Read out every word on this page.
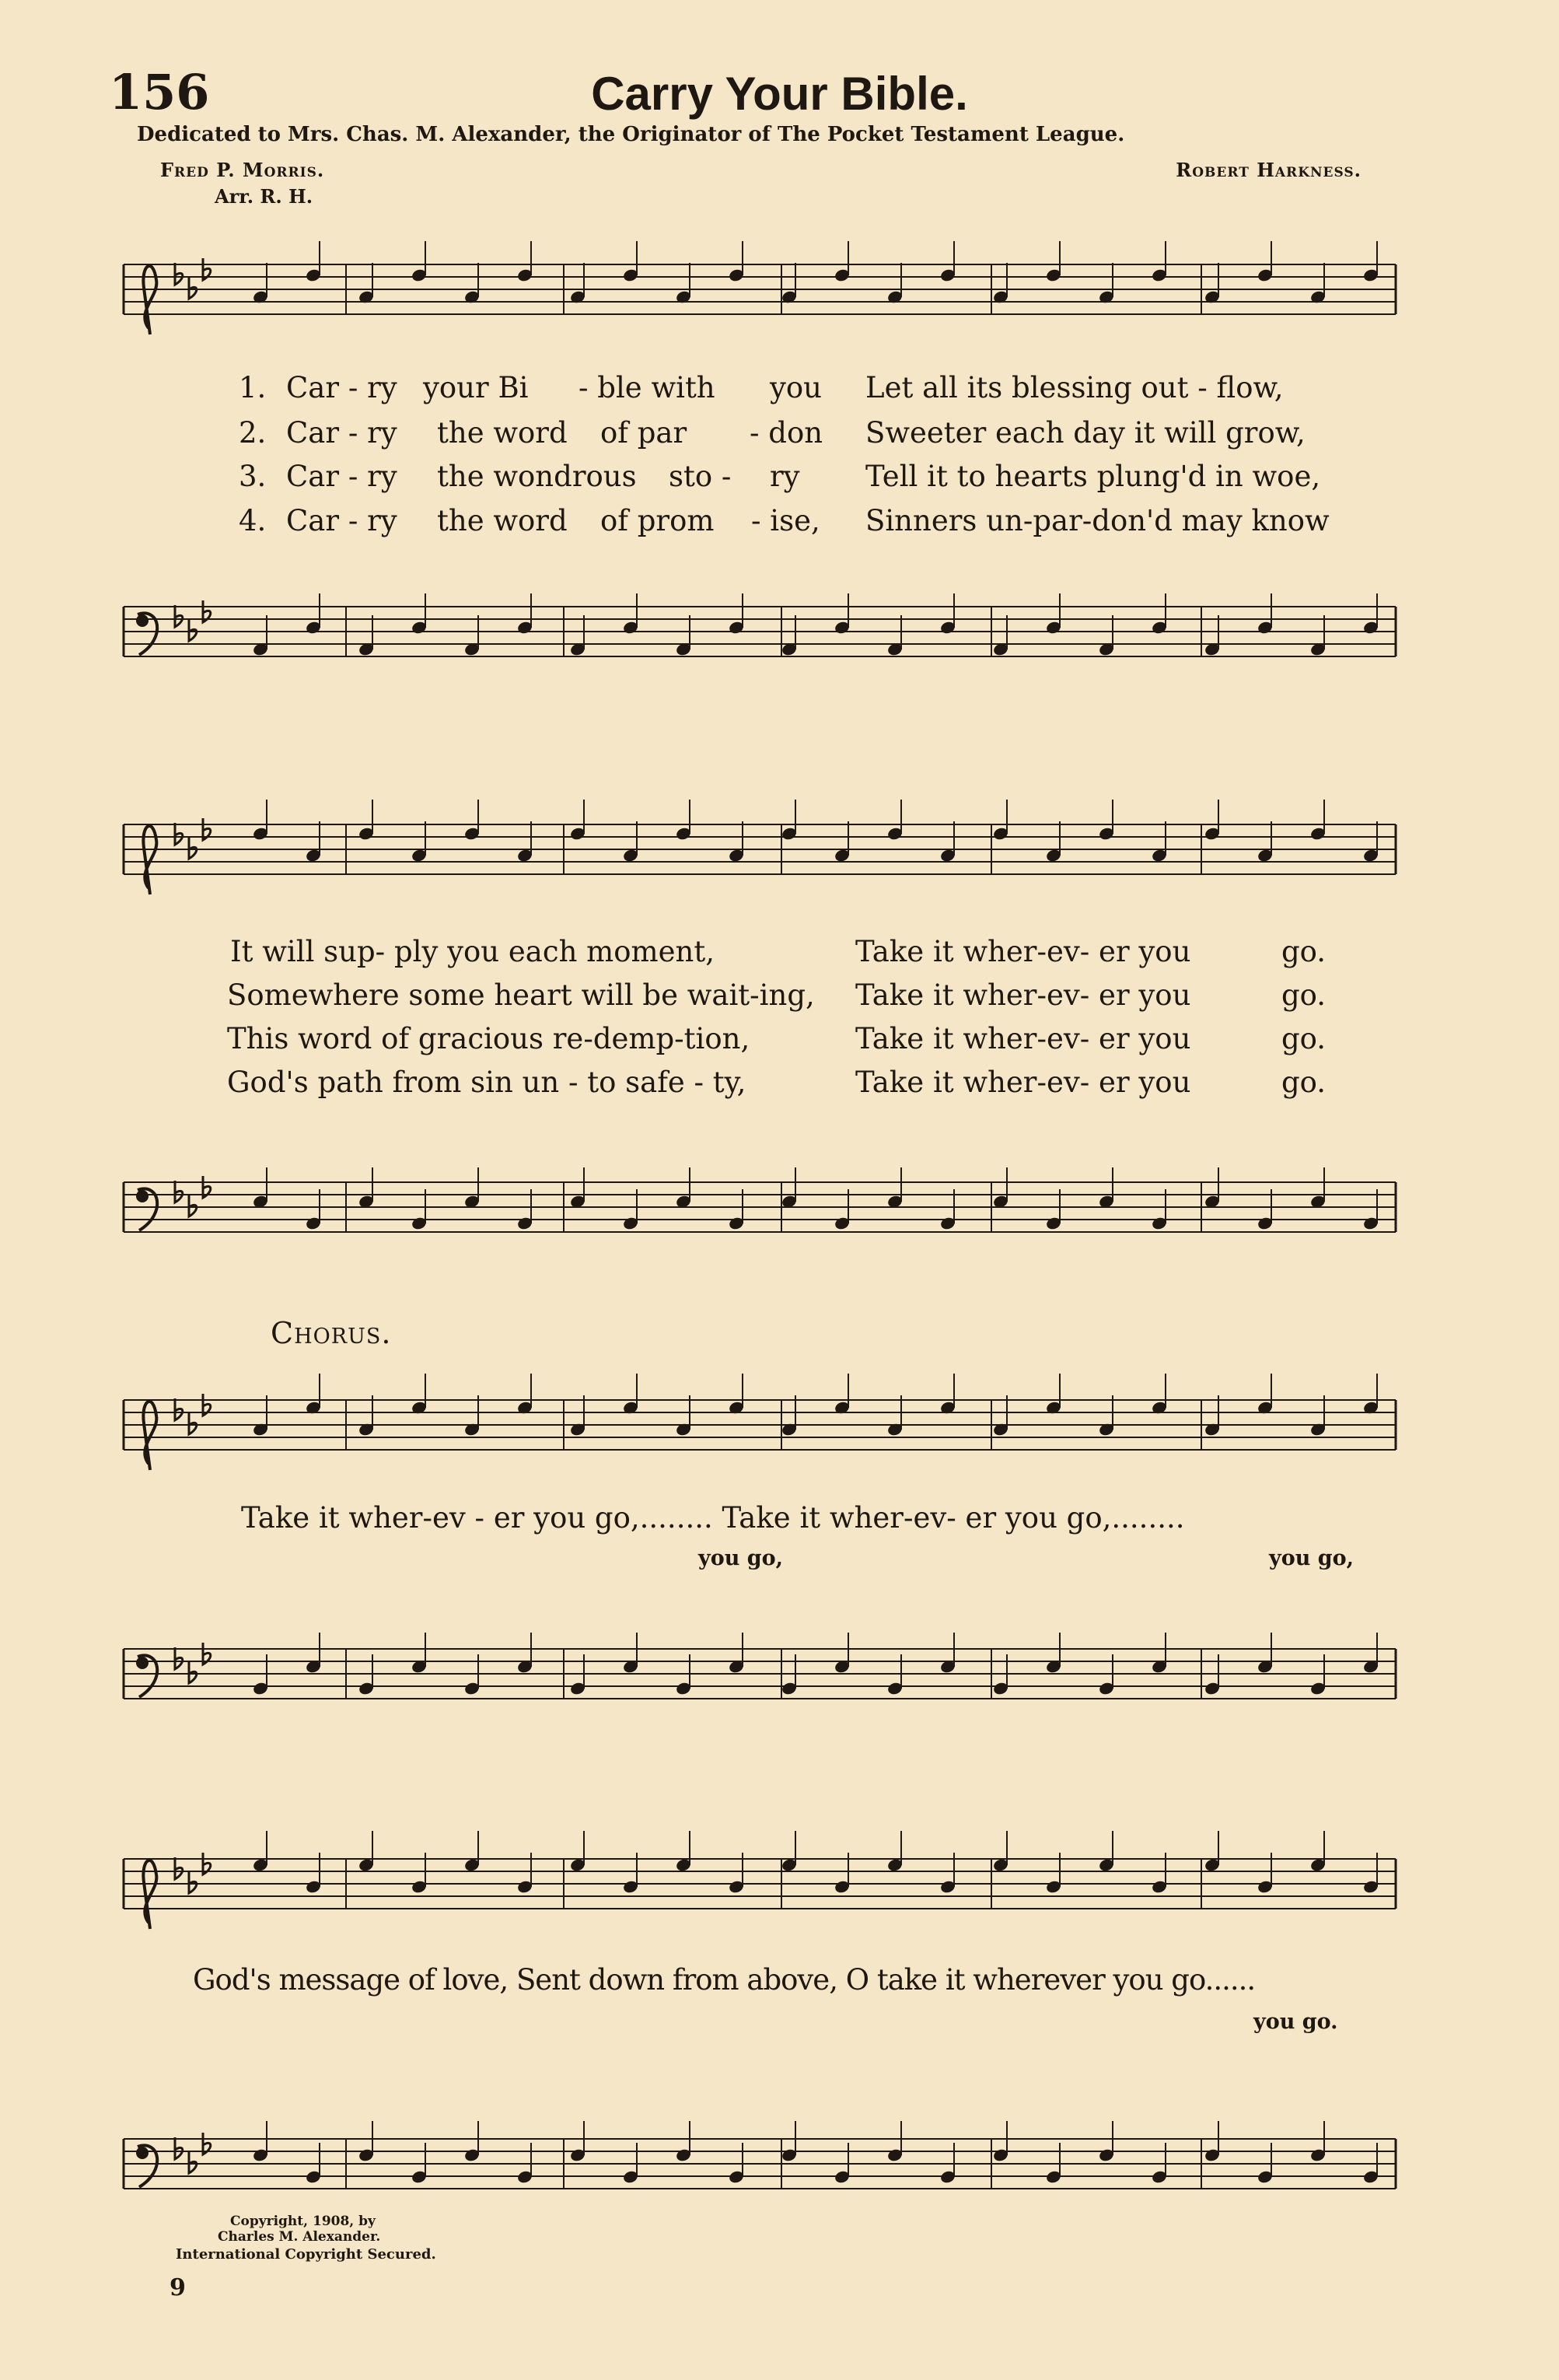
156	Carry Your Bible.
Dedicated to Mrs. Chas. M. Alexander, the Originator of The Pocket Testament League.
Fred P. Morris.	Robert Harkness.
Arr. R. H.
1. Car - ry your Bi - ble with you Let all its blessing out - flow,
2. Car - ry the word of par - don Sweeter each day it will grow,
3. Car - ry the wondrous sto - ry Tell it to hearts plung'd in woe,
4. Car - ry the word of prom - ise, Sinners un-par-don'd may know
It will sup- ply you each moment,	Take it wher-ev- er you	go.
Somewhere some heart will be wait-ing, Take it wher-ev- er you	go.
This word of gracious re-demp-tion,	Take it wher-ev- er you	go.
God's path from sin un - to safe - ty,	Take it wher-ev- er you	go.
Chorus.
Take it wher-ev - er you go,........ Take it wher-ev- er you go,........
you go,	you go,
God's message of love, Sent down from above, O take it wherever you go......
you go.
Copyright, 1908, by
Charles M. Alexander.
International Copyright Secured.
9
